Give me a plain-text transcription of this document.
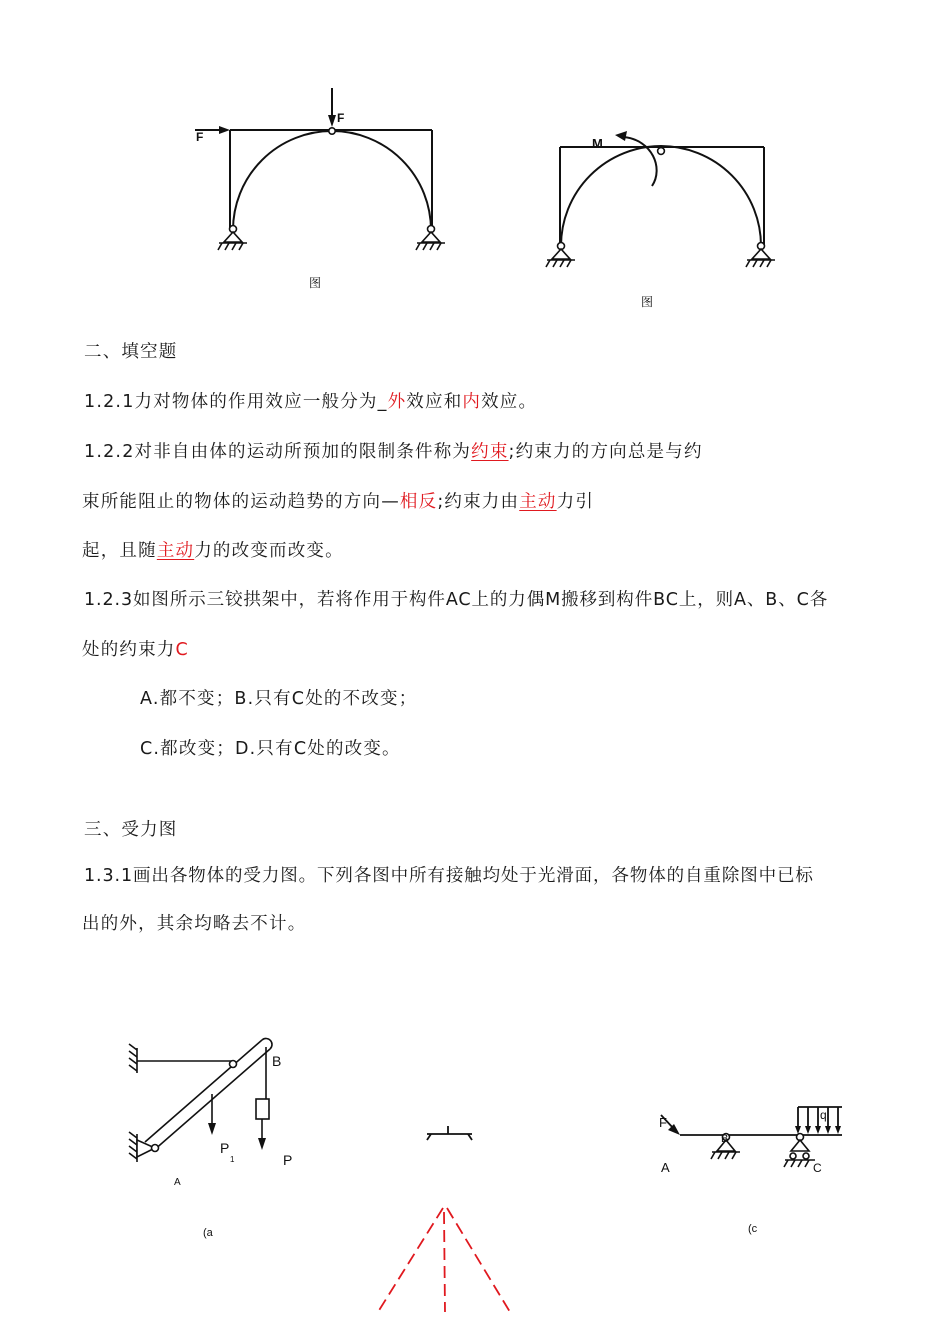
F
F
图
M
图
二、填空题
1.2.1力对物体的作用效应一般分为_外效应和内效应。
1.2.2对非自由体的运动所预加的限制条件称为约束;约束力的方向总是与约
束所能阻止的物体的运动趋势的方向—相反;约束力由主动力引
起，且随主动力的改变而改变。
1.2.3如图所示三铰拱架中，若将作用于构件AC上的力偶M搬移到构件BC上，则A、B、C各
处的约束力C
A.都不变；B.只有C处的不改变；
C.都改变；D.只有C处的改变。
三、受力图
1.3.1画出各物体的受力图。下列各图中所有接触均处于光滑面，各物体的自重除图中已标
出的外，其余均略去不计。
B
P
1	P
A
(a
F
A
B
q
C
(c
